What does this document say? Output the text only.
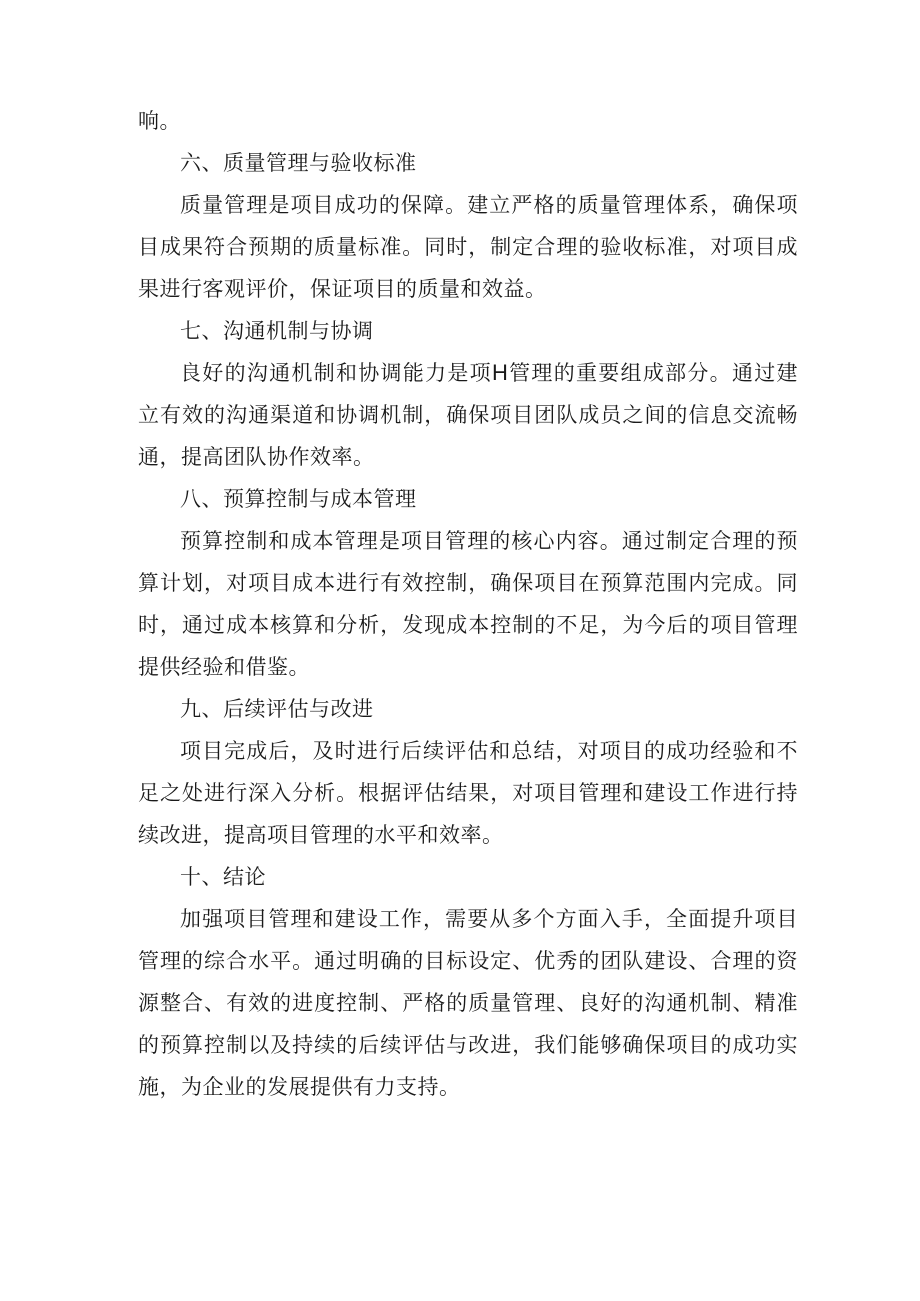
响。

六、质量管理与验收标准

质量管理是项目成功的保障。建立严格的质量管理体系，确保项目成果符合预期的质量标准。同时，制定合理的验收标准，对项目成果进行客观评价，保证项目的质量和效益。

七、沟通机制与协调

良好的沟通机制和协调能力是项H管理的重要组成部分。通过建立有效的沟通渠道和协调机制，确保项目团队成员之间的信息交流畅通，提高团队协作效率。

八、预算控制与成本管理

预算控制和成本管理是项目管理的核心内容。通过制定合理的预算计划，对项目成本进行有效控制，确保项目在预算范围内完成。同时，通过成本核算和分析，发现成本控制的不足，为今后的项目管理提供经验和借鉴。

九、后续评估与改进

项目完成后，及时进行后续评估和总结，对项目的成功经验和不足之处进行深入分析。根据评估结果，对项目管理和建设工作进行持续改进，提高项目管理的水平和效率。

十、结论

加强项目管理和建设工作，需要从多个方面入手，全面提升项目管理的综合水平。通过明确的目标设定、优秀的团队建设、合理的资源整合、有效的进度控制、严格的质量管理、良好的沟通机制、精准的预算控制以及持续的后续评估与改进，我们能够确保项目的成功实施，为企业的发展提供有力支持。
